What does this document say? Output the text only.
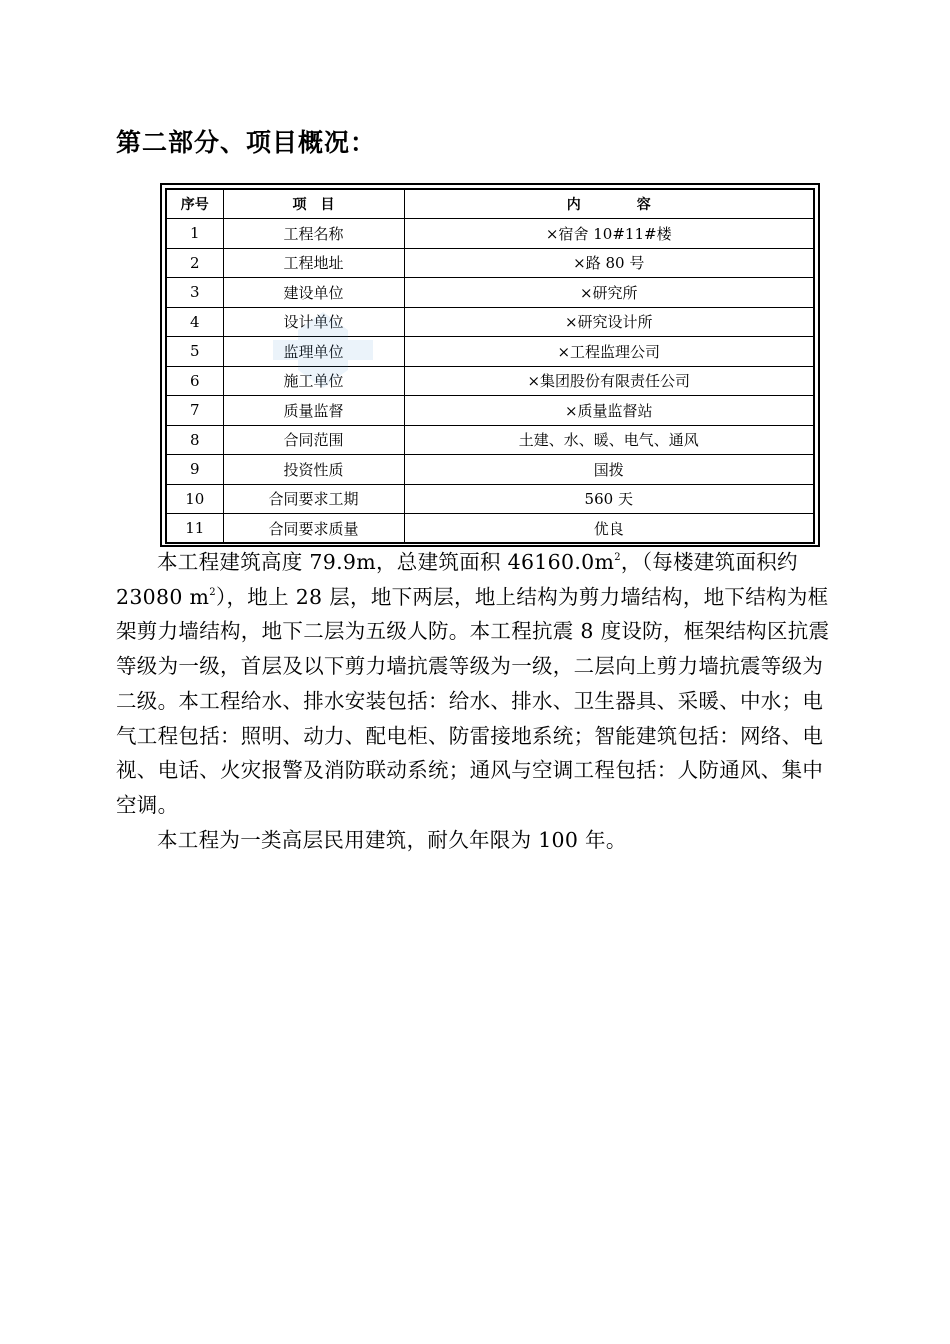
第二部分、项目概况：
序号	项　目	内　　　　容
1	工程名称	×宿舍 10#11#楼
2	工程地址	×路 80 号
3	建设单位	×研究所
4	设计单位	×研究设计所
5	监理单位	×工程监理公司
6	施工单位	×集团股份有限责任公司
7	质量监督	×质量监督站
8	合同范围	土建、水、暖、电气、通风
9	投资性质	国拨
10	合同要求工期	560 天
11	合同要求质量	优良

本工程建筑高度 79.9m，总建筑面积 $46160.0m^2$，（每楼建筑面积约 23080 $m^2$），地上 28 层，地下两层，地上结构为剪力墙结构，地下结构为框架剪力墙结构，地下二层为五级人防。本工程抗震 8 度设防，框架结构区抗震等级为一级，首层及以下剪力墙抗震等级为一级，二层向上剪力墙抗震等级为二级。本工程给水、排水安装包括：给水、排水、卫生器具、采暖、中水；电气工程包括：照明、动力、配电柜、防雷接地系统；智能建筑包括：网络、电视、电话、火灾报警及消防联动系统；通风与空调工程包括：人防通风、集中空调。

本工程为一类高层民用建筑，耐久年限为 100 年。
